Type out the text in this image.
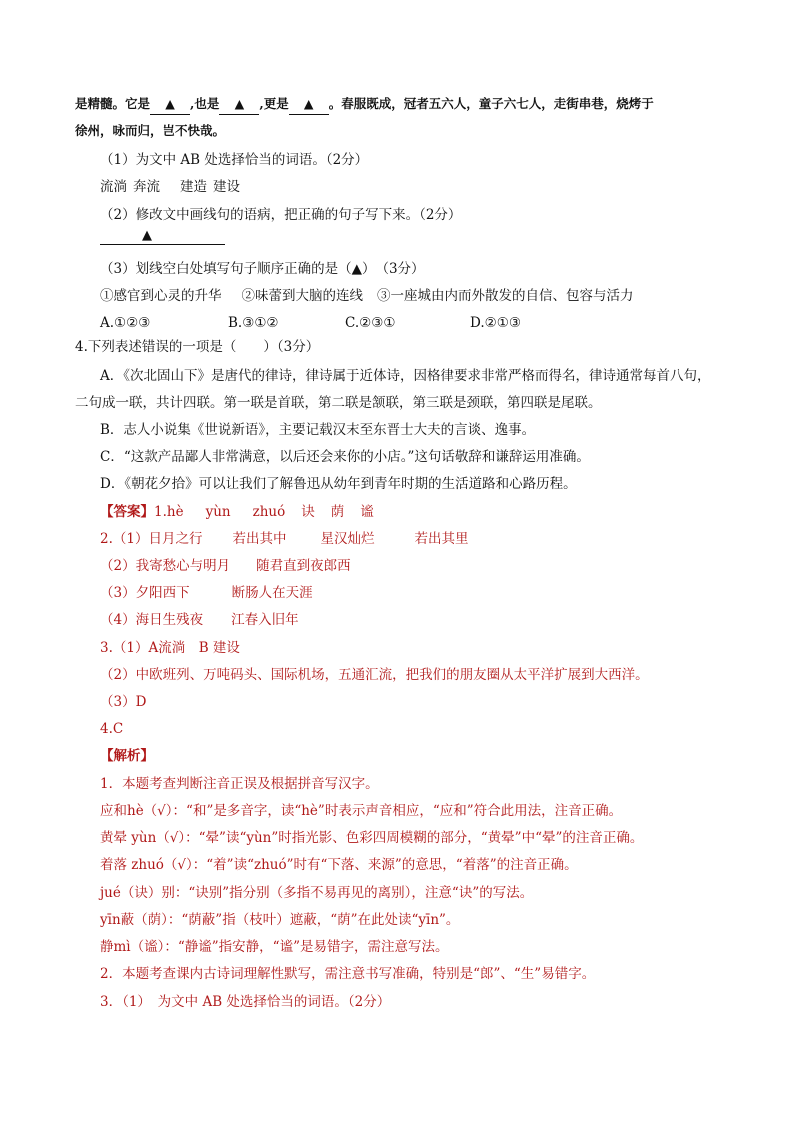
是精髓。它是 ▲ ,也是 ▲ ,更是 ▲ 。春服既成，冠者五六人，童子六七人，走街串巷，烧烤于
徐州，咏而归，岂不快哉。
（1）为文中 AB 处选择恰当的词语。（2分）
流淌 奔流 建造 建设
（2）修改文中画线句的语病，把正确的句子写下来。（2分）
▲
（3）划线空白处填写句子顺序正确的是（▲）　（3分）
①感官到心灵的升华 ②味蕾到大脑的连线 ③一座城由内而外散发的自信、包容与活力
A.①②③	B.③①②	C.②③①	D.②①③
4.下列表述错误的一项是（　　）（3分）
A．《次北固山下》是唐代的律诗，律诗属于近体诗，因格律要求非常严格而得名，律诗通常每首八句，
二句成一联，共计四联。第一联是首联，第二联是颔联，第三联是颈联，第四联是尾联。
B．志人小说集《世说新语》，主要记载汉末至东晋士大夫的言谈、逸事。
C．“这款产品鄙人非常满意，以后还会来你的小店。”这句话敬辞和谦辞运用准确。
D．《朝花夕拾》可以让我们了解鲁迅从幼年到青年时期的生活道路和心路历程。
【答案】1.hè yùn zhuó 诀 荫 谧
2.（1）日月之行 若出其中	星汉灿烂	若出其里
（2）我寄愁心与明月 随君直到夜郎西
（3）夕阳西下	断肠人在天涯
（4）海日生残夜 江春入旧年
3.（1）A流淌　B 建设
（2）中欧班列、万吨码头、国际机场，五通汇流，把我们的朋友圈从太平洋扩展到大西洋。
（3）D
4.C
【解析】
1．本题考查判断注音正误及根据拼音写汉字。
应和hè（√）：“和”是多音字，读“hè”时表示声音相应，“应和”符合此用法，注音正确。
黄晕 yùn（√）：“晕”读“yùn”时指光影、色彩四周模糊的部分，“黄晕”中“晕”的注音正确。
着落 zhuó（√）：“着”读“zhuó”时有“下落、来源”的意思，“着落”的注音正确。
jué（诀）别：“诀别”指分别（多指不易再见的离别），注意“诀”的写法。
yīn蔽（荫）：“荫蔽”指（枝叶）遮蔽，“荫”在此处读“yīn”。
静mì（谧）：“静谧”指安静，“谧”是易错字，需注意写法。
2．本题考查课内古诗词理解性默写，需注意书写准确，特别是“郎”、“生”易错字。
3．（1）　为文中 AB 处选择恰当的词语。（2分）
